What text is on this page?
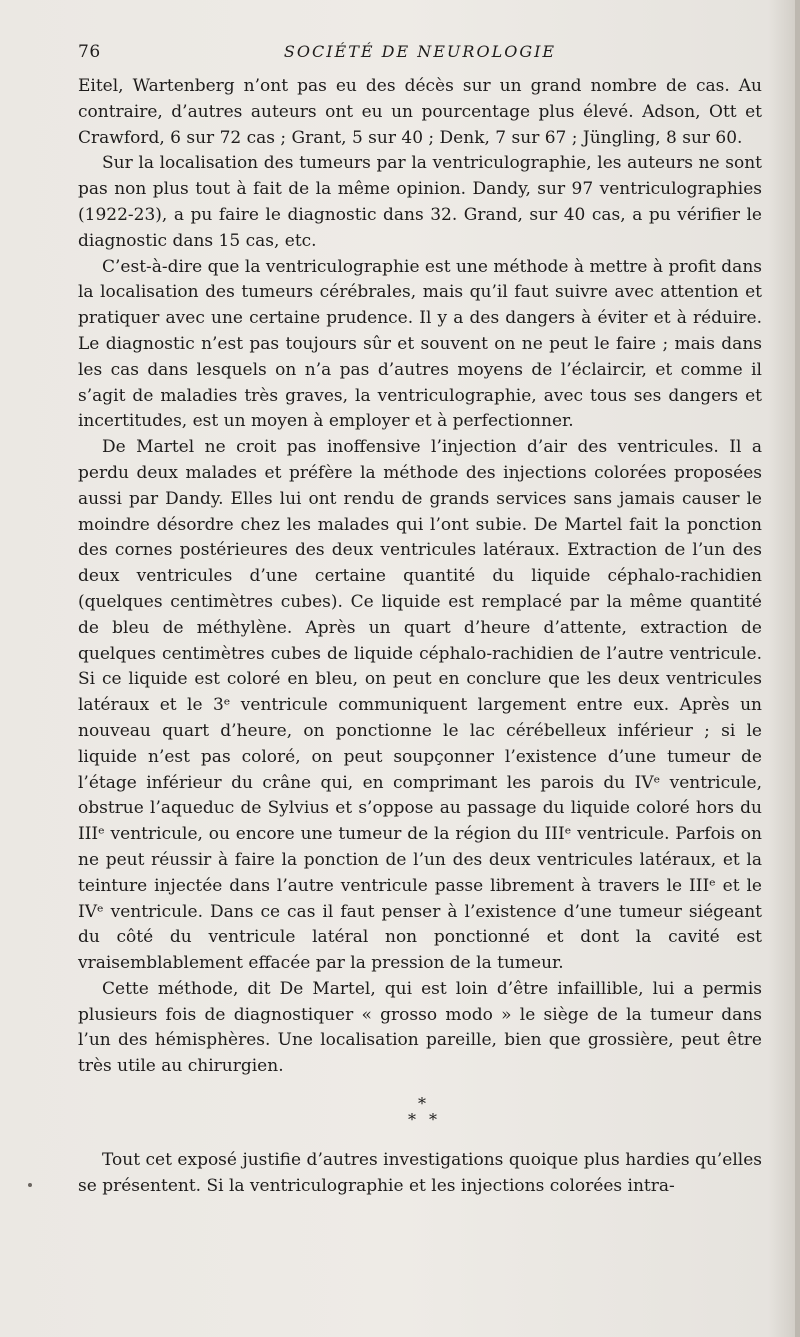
76	SOCIÉTÉ DE NEUROLOGIE

Eitel, Wartenberg n’ont pas eu des décès sur un grand nombre de cas. Au contraire, d’autres auteurs ont eu un pourcentage plus élevé. Adson, Ott et Crawford, 6 sur 72 cas ; Grant, 5 sur 40 ; Denk, 7 sur 67 ; Jüngling, 8 sur 60.

Sur la localisation des tumeurs par la ventriculographie, les auteurs ne sont pas non plus tout à fait de la même opinion. Dandy, sur 97 ventriculographies (1922-23), a pu faire le diagnostic dans 32. Grand, sur 40 cas, a pu vérifier le diagnostic dans 15 cas, etc.

C’est-à-dire que la ventriculographie est une méthode à mettre à profit dans la localisation des tumeurs cérébrales, mais qu’il faut suivre avec attention et pratiquer avec une certaine prudence. Il y a des dangers à éviter et à réduire. Le diagnostic n’est pas toujours sûr et souvent on ne peut le faire ; mais dans les cas dans lesquels on n’a pas d’autres moyens de l’éclaircir, et comme il s’agit de maladies très graves, la ventriculographie, avec tous ses dangers et incertitudes, est un moyen à employer et à perfectionner.

De Martel ne croit pas inoffensive l’injection d’air des ventricules. Il a perdu deux malades et préfère la méthode des injections colorées proposées aussi par Dandy. Elles lui ont rendu de grands services sans jamais causer le moindre désordre chez les malades qui l’ont subie. De Martel fait la ponction des cornes postérieures des deux ventricules latéraux. Extraction de l’un des deux ventricules d’une certaine quantité du liquide céphalo-rachidien (quelques centimètres cubes). Ce liquide est remplacé par la même quantité de bleu de méthylène. Après un quart d’heure d’attente, extraction de quelques centimètres cubes de liquide céphalo-rachidien de l’autre ventricule. Si ce liquide est coloré en bleu, on peut en conclure que les deux ventricules latéraux et le 3ᵉ ventricule communiquent largement entre eux. Après un nouveau quart d’heure, on ponctionne le lac cérébelleux inférieur ; si le liquide n’est pas coloré, on peut soupçonner l’existence d’une tumeur de l’étage inférieur du crâne qui, en comprimant les parois du IVᵉ ventricule, obstrue l’aqueduc de Sylvius et s’oppose au passage du liquide coloré hors du IIIᵉ ventricule, ou encore une tumeur de la région du IIIᵉ ventricule. Parfois on ne peut réussir à faire la ponction de l’un des deux ventricules latéraux, et la teinture injectée dans l’autre ventricule passe librement à travers le IIIᵉ et le IVᵉ ventricule. Dans ce cas il faut penser à l’existence d’une tumeur siégeant du côté du ventricule latéral non ponctionné et dont la cavité est vraisemblablement effacée par la pression de la tumeur.

Cette méthode, dit De Martel, qui est loin d’être infaillible, lui a permis plusieurs fois de diagnostiquer « grosso modo » le siège de la tumeur dans l’un des hémisphères. Une localisation pareille, bien que grossière, peut être très utile au chirurgien.

*
* *

Tout cet exposé justifie d’autres investigations quoique plus hardies qu’elles se présentent. Si la ventriculographie et les injections colorées intra-
